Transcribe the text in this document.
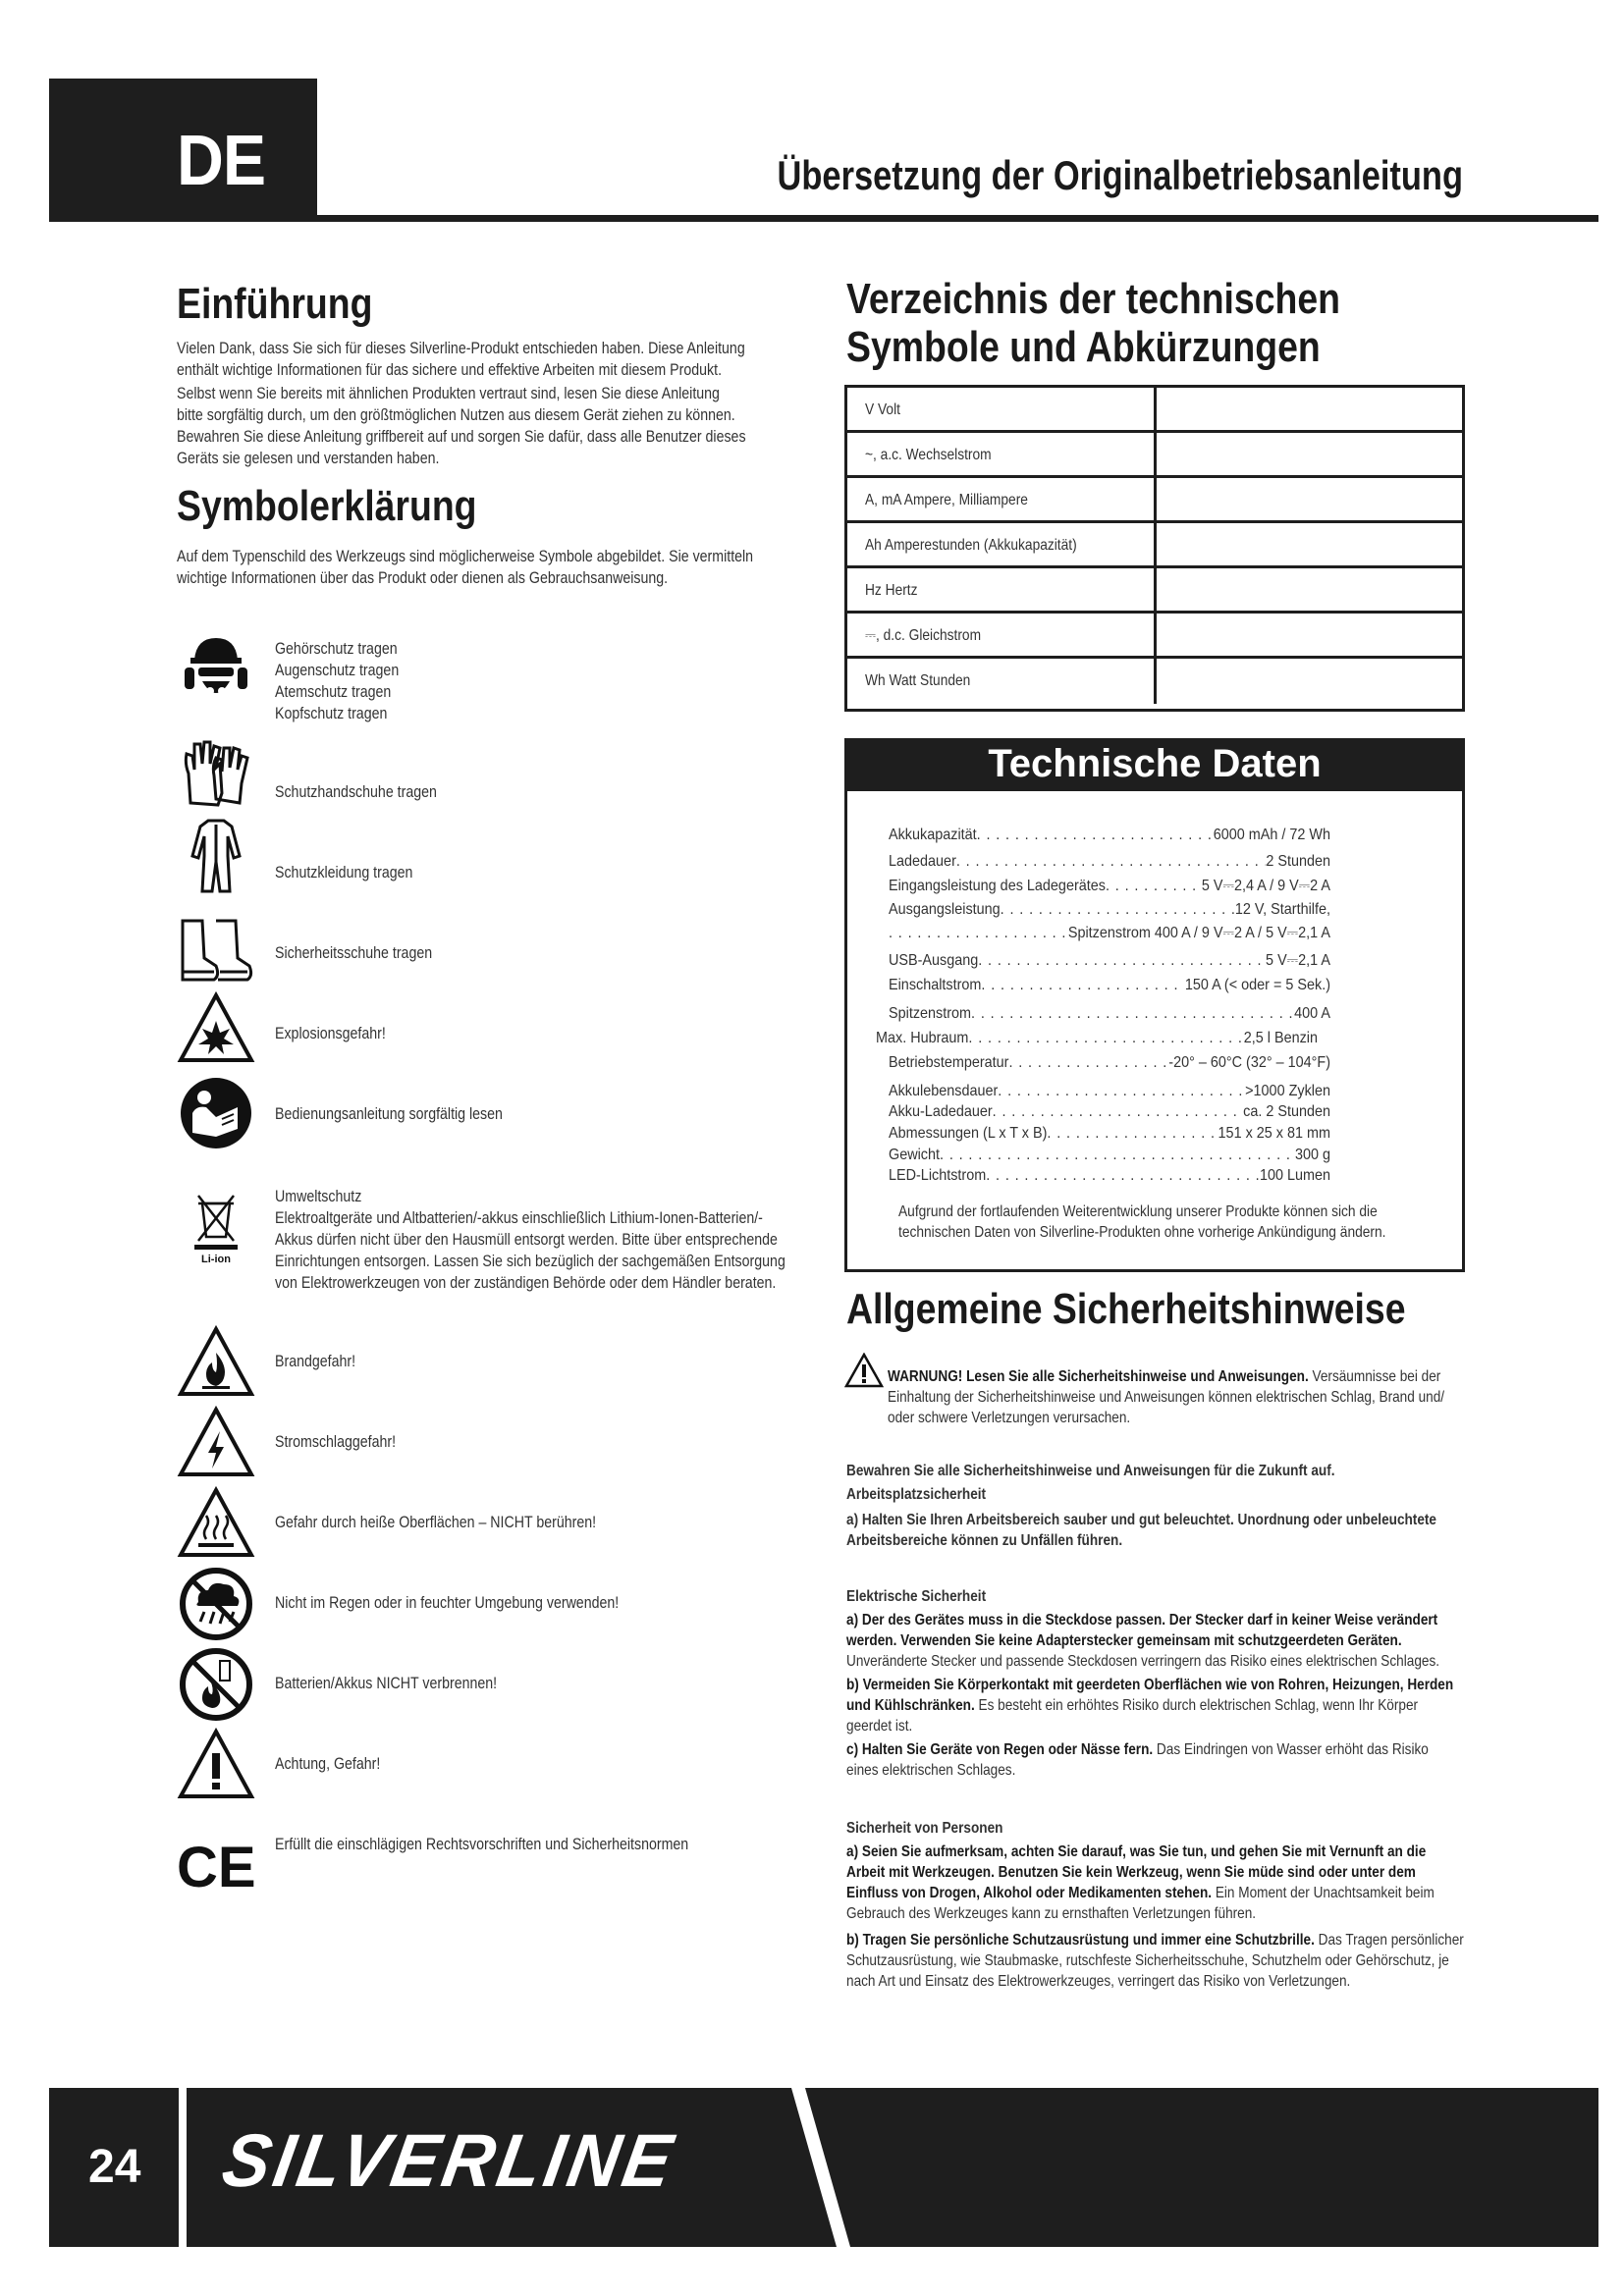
DE	Übersetzung der Originalbetriebsanleitung
Einführung
Vielen Dank, dass Sie sich für dieses Silverline-Produkt entschieden haben. Diese Anleitung
enthält wichtige Informationen für das sichere und effektive Arbeiten mit diesem Produkt.
Selbst wenn Sie bereits mit ähnlichen Produkten vertraut sind, lesen Sie diese Anleitung
bitte sorgfältig durch, um den größtmöglichen Nutzen aus diesem Gerät ziehen zu können.
Bewahren Sie diese Anleitung griffbereit auf und sorgen Sie dafür, dass alle Benutzer dieses
Geräts sie gelesen und verstanden haben.
Symbolerklärung
Auf dem Typenschild des Werkzeugs sind möglicherweise Symbole abgebildet. Sie vermitteln
wichtige Informationen über das Produkt oder dienen als Gebrauchsanweisung.
Gehörschutz tragen
Augenschutz tragen
Atemschutz tragen
Kopfschutz tragen
Schutzhandschuhe tragen
Schutzkleidung tragen
Sicherheitsschuhe tragen
Explosionsgefahr!
Bedienungsanleitung sorgfältig lesen
Li-ion
Umweltschutz
Elektroaltgeräte und Altbatterien/-akkus einschließlich Lithium-Ionen-Batterien/-
Akkus dürfen nicht über den Hausmüll entsorgt werden. Bitte über entsprechende
Einrichtungen entsorgen. Lassen Sie sich bezüglich der sachgemäßen Entsorgung
von Elektrowerkzeugen von der zuständigen Behörde oder dem Händler beraten.
Brandgefahr!
Stromschlaggefahr!
Gefahr durch heiße Oberflächen – NICHT berühren!
Nicht im Regen oder in feuchter Umgebung verwenden!
Batterien/Akkus NICHT verbrennen!
Achtung, Gefahr!
CE Erfüllt die einschlägigen Rechtsvorschriften und Sicherheitsnormen
Verzeichnis der technischen
Symbole und Abkürzungen
V Volt
~, a.c. Wechselstrom
A, mA Ampere, Milliampere
Ah Amperestunden (Akkukapazität)
Hz Hertz
⎓, d.c. Gleichstrom
Wh Watt Stunden
Technische Daten
Akkukapazität . . .	6000 mAh / 72 Wh
Ladedauer . . .	2 Stunden
Eingangsleistung des Ladegerätes . . .	5 V⎓2,4 A / 9 V⎓2 A
Ausgangsleistung . . .	12 V, Starthilfe,
. . .
Spitzenstrom 400 A / 9 V⎓2 A / 5 V⎓2,1 A
USB-Ausgang . . .	5 V⎓2,1 A
Einschaltstrom . . .	150 A (< oder = 5 Sek.)
Spitzenstrom . . .	400 A
Max. Hubraum . . .	2,5 l Benzin
Betriebstemperatur . . .	-20° – 60°C (32° – 104°F)
Akkulebensdauer . . .	>1000 Zyklen
Akku-Ladedauer . . .	ca. 2 Stunden
Abmessungen (L x T x B) . . .	151 x 25 x 81 mm
Gewicht . . .	300 g
LED-Lichtstrom . . .	100 Lumen
Aufgrund der fortlaufenden Weiterentwicklung unserer Produkte können sich die
technischen Daten von Silverline-Produkten ohne vorherige Ankündigung ändern.
Allgemeine Sicherheitshinweise
WARNUNG! Lesen Sie alle Sicherheitshinweise und Anweisungen. Versäumnisse bei der Einhaltung der Sicherheitshinweise und Anweisungen können elektrischen Schlag, Brand und/ oder schwere Verletzungen verursachen.
Bewahren Sie alle Sicherheitshinweise und Anweisungen für die Zukunft auf.
Arbeitsplatzsicherheit
a) Halten Sie Ihren Arbeitsbereich sauber und gut beleuchtet. Unordnung oder unbeleuchtete Arbeitsbereiche können zu Unfällen führen.
Elektrische Sicherheit
a) Der des Gerätes muss in die Steckdose passen. Der Stecker darf in keiner Weise verändert werden. Verwenden Sie keine Adapterstecker gemeinsam mit schutzgeerdeten Geräten. Unveränderte Stecker und passende Steckdosen verringern das Risiko eines elektrischen Schlages.
b) Vermeiden Sie Körperkontakt mit geerdeten Oberflächen wie von Rohren, Heizungen, Herden und Kühlschränken. Es besteht ein erhöhtes Risiko durch elektrischen Schlag, wenn Ihr Körper geerdet ist.
c) Halten Sie Geräte von Regen oder Nässe fern. Das Eindringen von Wasser erhöht das Risiko eines elektrischen Schlages.
Sicherheit von Personen
a) Seien Sie aufmerksam, achten Sie darauf, was Sie tun, und gehen Sie mit Vernunft an die Arbeit mit Werkzeugen. Benutzen Sie kein Werkzeug, wenn Sie müde sind oder unter dem Einfluss von Drogen, Alkohol oder Medikamenten stehen. Ein Moment der Unachtsamkeit beim Gebrauch des Werkzeuges kann zu ernsthaften Verletzungen führen.
b) Tragen Sie persönliche Schutzausrüstung und immer eine Schutzbrille. Das Tragen persönlicher Schutzausrüstung, wie Staubmaske, rutschfeste Sicherheitsschuhe, Schutzhelm oder Gehörschutz, je nach Art und Einsatz des Elektrowerkzeuges, verringert das Risiko von Verletzungen.
24 SILVERLINE
